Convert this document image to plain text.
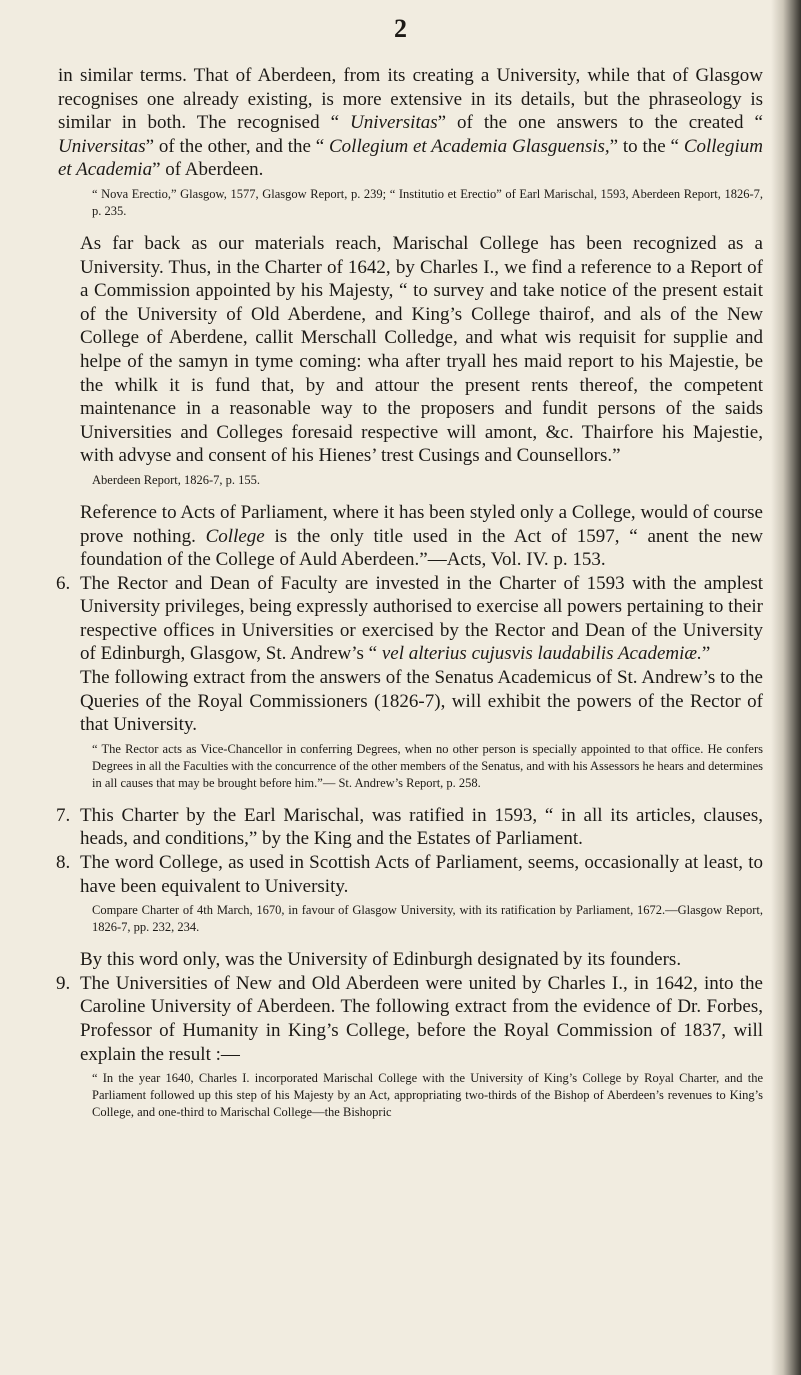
2

in similar terms. That of Aberdeen, from its creating a University, while that of Glasgow recognises one already existing, is more extensive in its details, but the phraseology is similar in both. The recognised “ Universitas” of the one answers to the created “ Universitas” of the other, and the “ Collegium et Academia Glasguensis,” to the “ Collegium et Academia” of Aberdeen.

“ Nova Erectio,” Glasgow, 1577, Glasgow Report, p. 239; “ Institutio et Erectio” of Earl Marischal, 1593, Aberdeen Report, 1826-7, p. 235.

As far back as our materials reach, Marischal College has been recognized as a University. Thus, in the Charter of 1642, by Charles I., we find a reference to a Report of a Commission appointed by his Majesty, “ to survey and take notice of the present estait of the University of Old Aberdene, and King’s College thairof, and als of the New College of Aberdene, callit Merschall Colledge, and what wis requisit for supplie and helpe of the samyn in tyme coming: wha after tryall hes maid report to his Majestie, be the whilk it is fund that, by and attour the present rents thereof, the competent maintenance in a reasonable way to the proposers and fundit persons of the saids Universities and Colleges foresaid respective will amont, &c. Thairfore his Majestie, with advyse and consent of his Hienes’ trest Cusings and Counsellors.”

Aberdeen Report, 1826-7, p. 155.

Reference to Acts of Parliament, where it has been styled only a College, would of course prove nothing. College is the only title used in the Act of 1597, “ anent the new foundation of the College of Auld Aberdeen.”—Acts, Vol. IV. p. 153.

6. The Rector and Dean of Faculty are invested in the Charter of 1593 with the amplest University privileges, being expressly authorised to exercise all powers pertaining to their respective offices in Universities or exercised by the Rector and Dean of the University of Edinburgh, Glasgow, St. Andrew’s “ vel alterius cujusvis laudabilis Academiæ.”

The following extract from the answers of the Senatus Academicus of St. Andrew’s to the Queries of the Royal Commissioners (1826-7), will exhibit the powers of the Rector of that University.

“ The Rector acts as Vice-Chancellor in conferring Degrees, when no other person is specially appointed to that office. He confers Degrees in all the Faculties with the concurrence of the other members of the Senatus, and with his Assessors he hears and determines in all causes that may be brought before him.”— St. Andrew’s Report, p. 258.

7. This Charter by the Earl Marischal, was ratified in 1593, “ in all its articles, clauses, heads, and conditions,” by the King and the Estates of Parliament.

8. The word College, as used in Scottish Acts of Parliament, seems, occasionally at least, to have been equivalent to University.

Compare Charter of 4th March, 1670, in favour of Glasgow University, with its ratification by Parliament, 1672.—Glasgow Report, 1826-7, pp. 232, 234.

By this word only, was the University of Edinburgh designated by its founders.

9. The Universities of New and Old Aberdeen were united by Charles I., in 1642, into the Caroline University of Aberdeen. The following extract from the evidence of Dr. Forbes, Professor of Humanity in King’s College, before the Royal Commission of 1837, will explain the result :—

“ In the year 1640, Charles I. incorporated Marischal College with the University of King’s College by Royal Charter, and the Parliament followed up this step of his Majesty by an Act, appropriating two-thirds of the Bishop of Aberdeen’s revenues to King’s College, and one-third to Marischal College—the Bishopric
